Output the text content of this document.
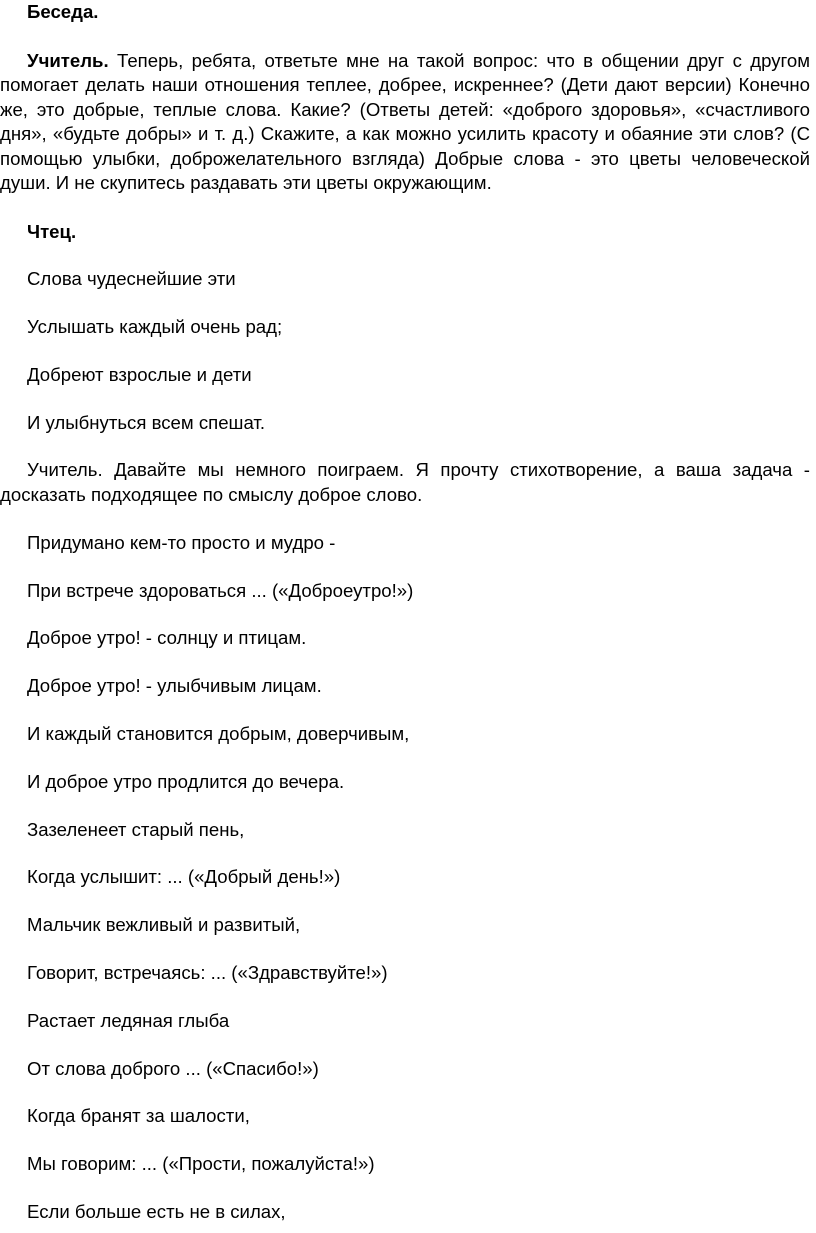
Беседа.

Учитель. Теперь, ребята, ответьте мне на такой вопрос: что в общении друг с другом помогает делать наши отношения теплее, добрее, искреннее? (Дети дают версии) Конечно же, это добрые, теплые слова. Какие? (Ответы детей: «доброго здоровья», «счастливого дня», «будьте добры» и т. д.) Скажите, а как можно усилить красоту и обаяние эти слов? (С помощью улыбки, доброжелательного взгляда) Добрые слова - это цветы человеческой души. И не скупитесь раздавать эти цветы окружающим.

Чтец.

Слова чудеснейшие эти

Услышать каждый очень рад;

Добреют взрослые и дети

И улыбнуться всем спешат.

Учитель. Давайте мы немного поиграем. Я прочту стихотворение, а ваша задача - досказать подходящее по смыслу доброе слово.

Придумано кем-то просто и мудро -

При встрече здороваться ... («Доброеутро!»)

Доброе утро! - солнцу и птицам.

Доброе утро! - улыбчивым лицам.

И каждый становится добрым, доверчивым,

И доброе утро продлится до вечера.

Зазеленеет старый пень,

Когда услышит: ... («Добрый день!»)

Мальчик вежливый и развитый,

Говорит, встречаясь: ... («Здравствуйте!»)

Растает ледяная глыба

От слова доброго ... («Спасибо!»)

Когда бранят за шалости,

Мы говорим: ... («Прости, пожалуйста!»)

Если больше есть не в силах,
